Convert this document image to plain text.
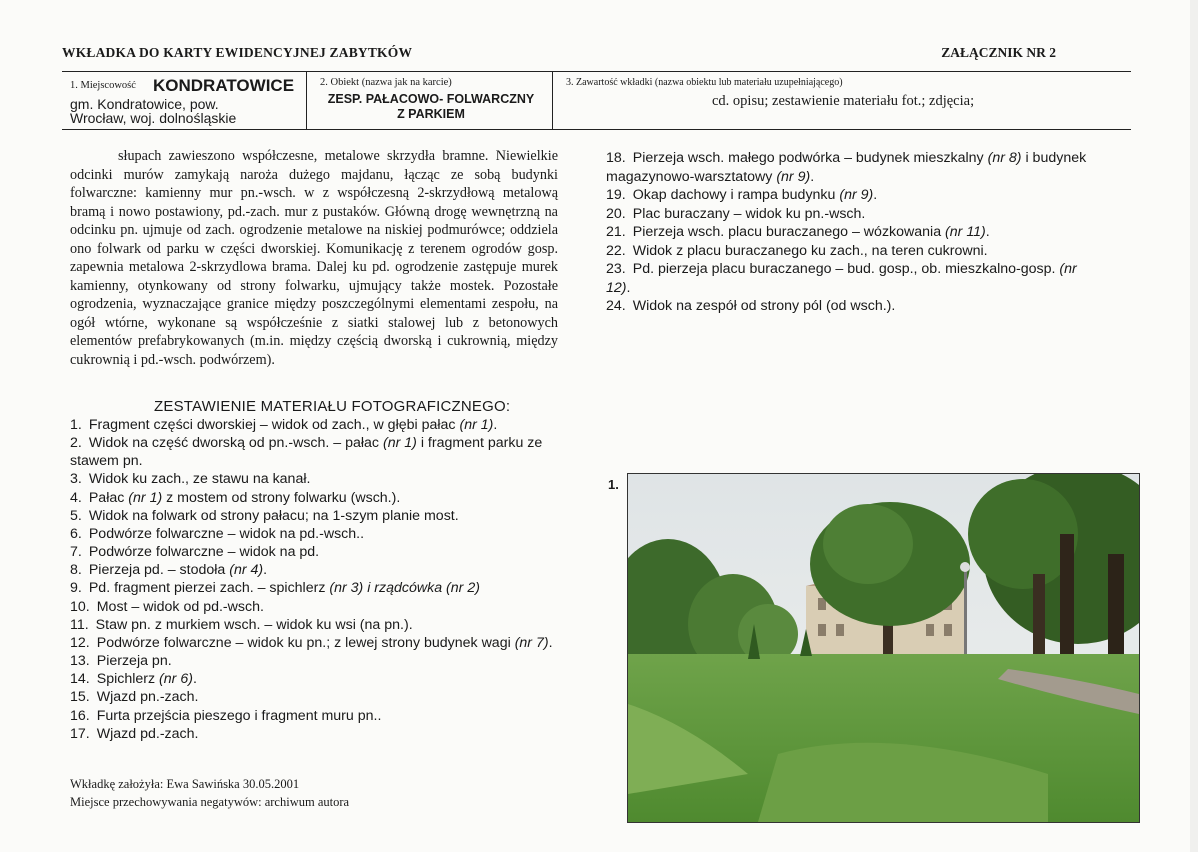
WKŁADKA DO KARTY EWIDENCYJNEJ ZABYTKÓW	ZAŁĄCZNIK NR 2
1. Miejscowość KONDRATOWICE
gm. Kondratowice, pow.
Wrocław, woj. dolnośląskie
2. Obiekt (nazwa jak na karcie)
ZESP. PAŁACOWO- FOLWARCZNY
Z PARKIEM
3. Zawartość wkładki (nazwa obiektu lub materiału uzupełniającego)
cd. opisu; zestawienie materiału fot.; zdjęcia;

słupach zawieszono współczesne, metalowe skrzydła bramne. Niewielkie odcinki murów zamykają naroża dużego majdanu, łącząc ze sobą budynki folwarczne: kamienny mur pn.-wsch. w z współczesną 2-skrzydłową metalową bramą i nowo postawiony, pd.-zach. mur z pustaków. Główną drogę wewnętrzną na odcinku pn. ujmuje od zach. ogrodzenie metalowe na niskiej podmurówce; oddziela ono folwark od parku w części dworskiej. Komunikację z terenem ogrodów gosp. zapewnia metalowa 2-skrzydlowa brama. Dalej ku pd. ogrodzenie zastępuje murek kamienny, otynkowany od strony folwarku, ujmujący także mostek. Pozostałe ogrodzenia, wyznaczające granice między poszczególnymi elementami zespołu, na ogół wtórne, wykonane są współcześnie z siatki stalowej lub z betonowych elementów prefabrykowanych (m.in. między częścią dworską i cukrownią, między cukrownią i pd.-wsch. podwórzem).

ZESTAWIENIE MATERIAŁU FOTOGRAFICZNEGO:
1. Fragment części dworskiej – widok od zach., w głębi pałac (nr 1).
2. Widok na część dworską od pn.-wsch. – pałac (nr 1) i fragment parku ze stawem pn.
3. Widok ku zach., ze stawu na kanał.
4. Pałac (nr 1) z mostem od strony folwarku (wsch.).
5. Widok na folwark od strony pałacu; na 1-szym planie most.
6. Podwórze folwarczne – widok na pd.-wsch..
7. Podwórze folwarczne – widok na pd.
8. Pierzeja pd. – stodoła (nr 4).
9. Pd. fragment pierzei zach. – spichlerz (nr 3) i rządcówka (nr 2)
10. Most – widok od pd.-wsch.
11. Staw pn. z murkiem wsch. – widok ku wsi (na pn.).
12. Podwórze folwarczne – widok ku pn.; z lewej strony budynek wagi (nr 7).
13. Pierzeja pn.
14. Spichlerz (nr 6).
15. Wjazd pn.-zach.
16. Furta przejścia pieszego i fragment muru pn..
17. Wjazd pd.-zach.
18. Pierzeja wsch. małego podwórka – budynek mieszkalny (nr 8) i budynek magazynowo-warsztatowy (nr 9).
19. Okap dachowy i rampa budynku (nr 9).
20. Plac buraczany – widok ku pn.-wsch.
21. Pierzeja wsch. placu buraczanego – wózkowania (nr 11).
22. Widok z placu buraczanego ku zach., na teren cukrowni.
23. Pd. pierzeja placu buraczanego – bud. gosp., ob. mieszkalno-gosp. (nr 12).
24. Widok na zespół od strony pól (od wsch.).
Wkładkę założyła: Ewa Sawińska 30.05.2001
Miejsce przechowywania negatywów: archiwum autora
1.
